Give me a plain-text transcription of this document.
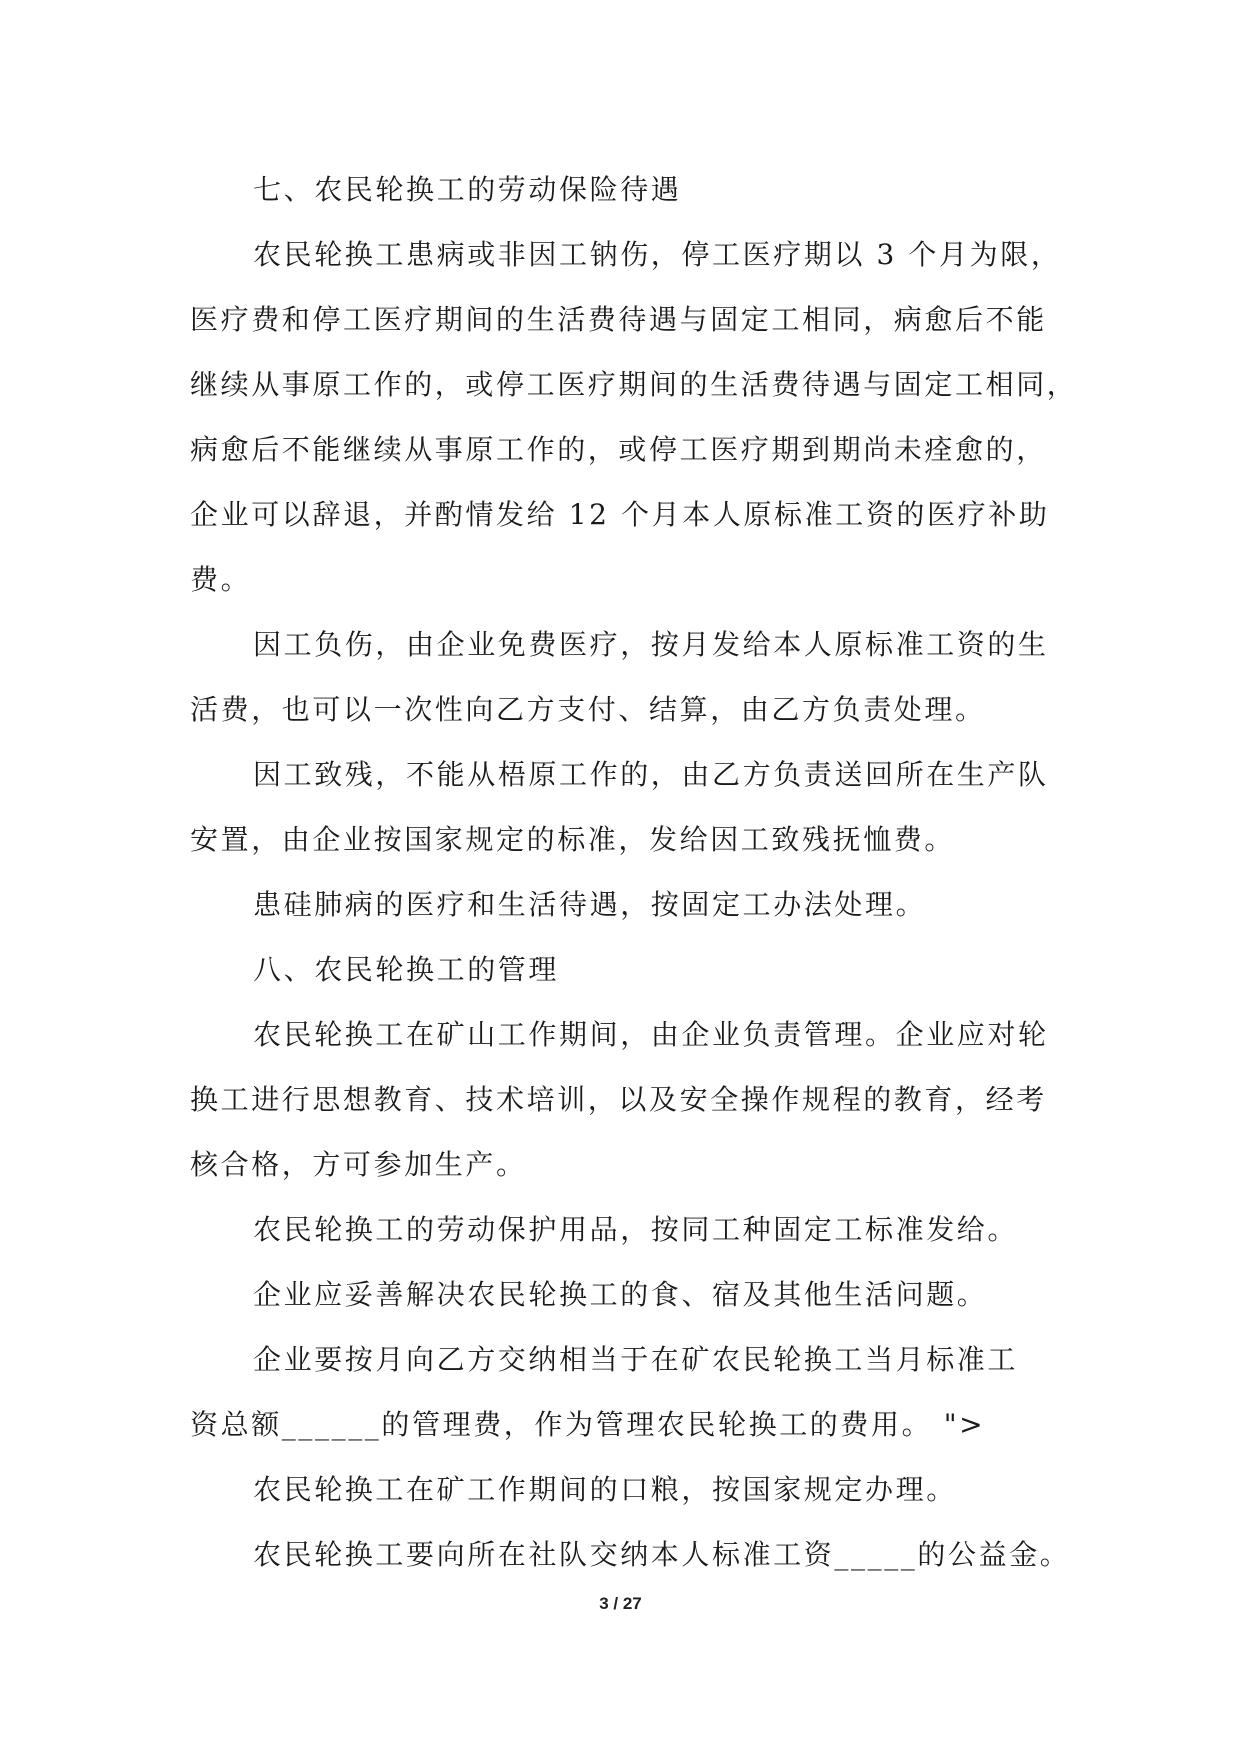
七、农民轮换工的劳动保险待遇
农民轮换工患病或非因工钠伤，停工医疗期以 3 个月为限，
医疗费和停工医疗期间的生活费待遇与固定工相同，病愈后不能
继续从事原工作的，或停工医疗期间的生活费待遇与固定工相同，
病愈后不能继续从事原工作的，或停工医疗期到期尚未痊愈的，
企业可以辞退，并酌情发给 12 个月本人原标准工资的医疗补助
费。
因工负伤，由企业免费医疗，按月发给本人原标准工资的生
活费，也可以一次性向乙方支付、结算，由乙方负责处理。
因工致残，不能从梧原工作的，由乙方负责送回所在生产队
安置，由企业按国家规定的标准，发给因工致残抚恤费。
患硅肺病的医疗和生活待遇，按固定工办法处理。
八、农民轮换工的管理
农民轮换工在矿山工作期间，由企业负责管理。企业应对轮
换工进行思想教育、技术培训，以及安全操作规程的教育，经考
核合格，方可参加生产。
农民轮换工的劳动保护用品，按同工种固定工标准发给。
企业应妥善解决农民轮换工的食、宿及其他生活问题。
企业要按月向乙方交纳相当于在矿农民轮换工当月标准工
资总额______的管理费，作为管理农民轮换工的费用。 ">
农民轮换工在矿工作期间的口粮，按国家规定办理。
农民轮换工要向所在社队交纳本人标准工资_____的公益金。
3 / 27
